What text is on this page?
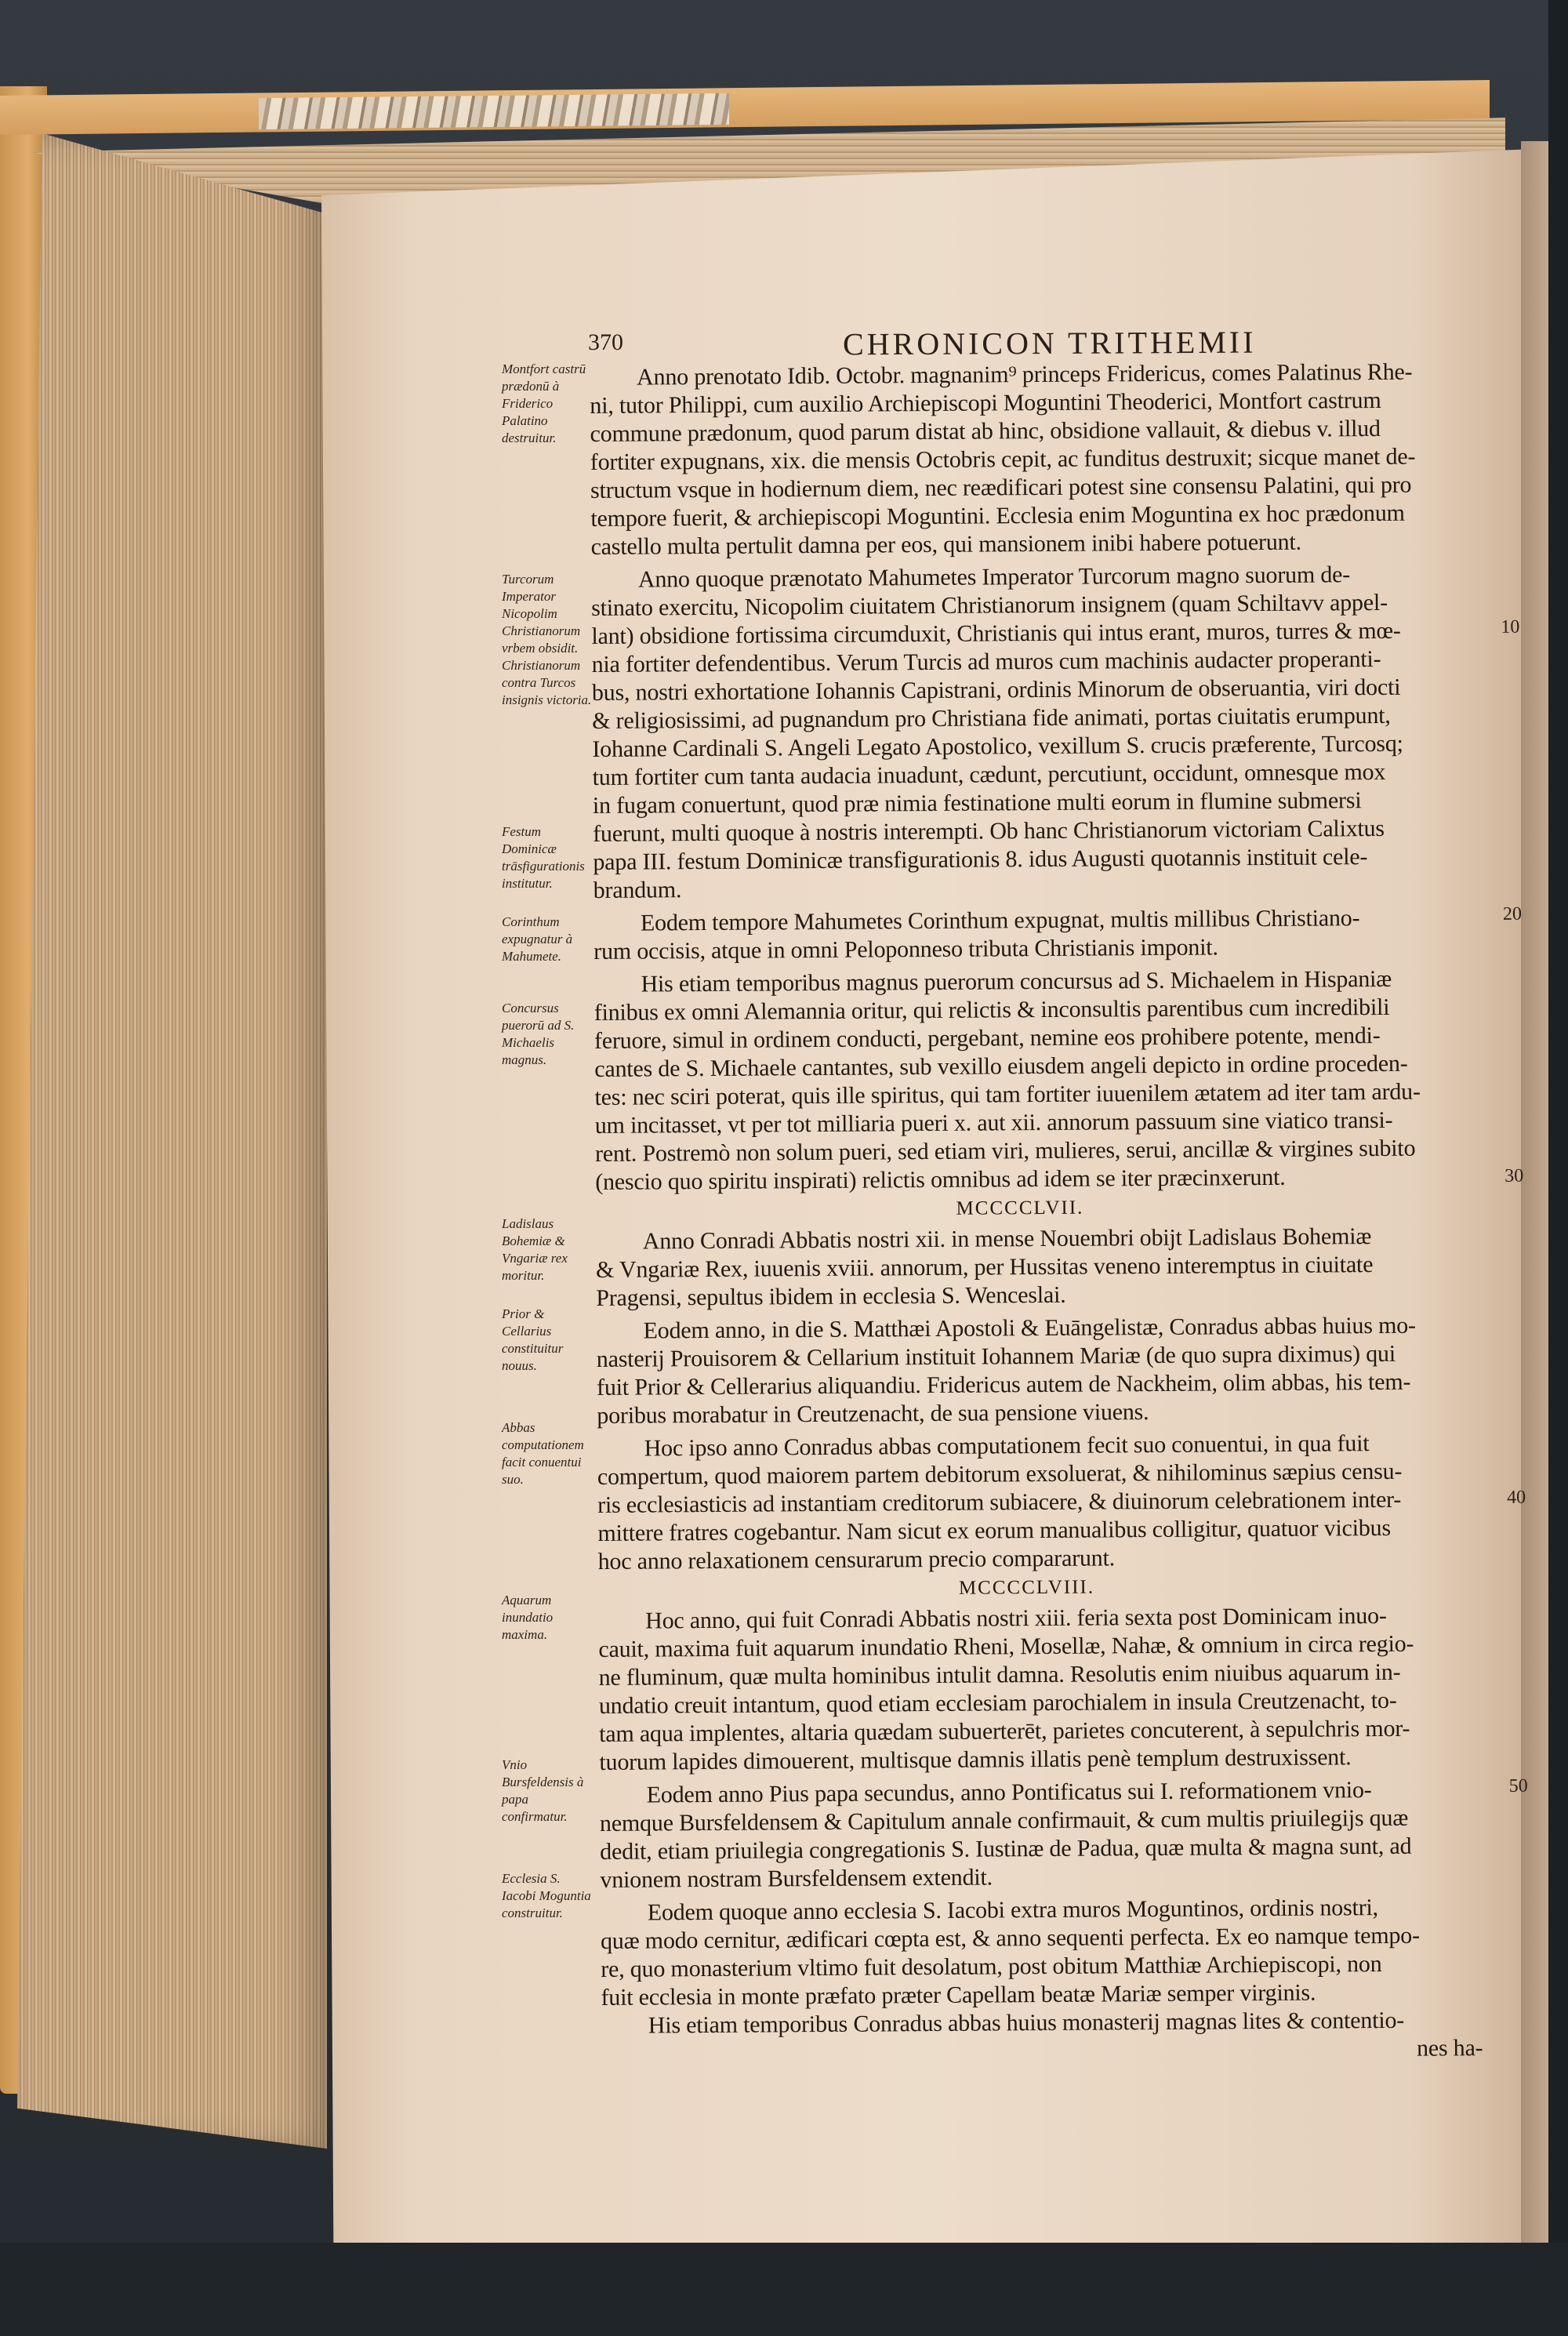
370	CHRONICON TRITHEMII
Montfort castrū prædonū à Friderico Palatino destruitur.
Turcorum Imperator Nicopolim Christianorum vrbem obsidit. Christianorum contra Turcos insignis victoria.
Festum Dominicæ trāsfigurationis institutur.
Corinthum expugnatur à Mahumete.
Concursus puerorū ad S. Michaelis magnus.
Ladislaus Bohemiæ & Vngariæ rex moritur.
Prior & Cellarius constituitur nouus.
Abbas computationem facit conuentui suo.
Aquarum inundatio maxima.
Vnio Bursfeldensis à papa confirmatur.
Ecclesia S. Iacobi Moguntia construitur.
Anno prenotato Idib. Octobr. magnanim⁹ princeps Fridericus, comes Palatinus Rhe-
ni, tutor Philippi, cum auxilio Archiepiscopi Moguntini Theoderici, Montfort castrum
commune prædonum, quod parum distat ab hinc, obsidione vallauit, & diebus v. illud
fortiter expugnans, xix. die mensis Octobris cepit, ac funditus destruxit; sicque manet de-
structum vsque in hodiernum diem, nec reædificari potest sine consensu Palatini, qui pro
tempore fuerit, & archiepiscopi Moguntini. Ecclesia enim Moguntina ex hoc prædonum
castello multa pertulit damna per eos, qui mansionem inibi habere potuerunt.
Anno quoque prænotato Mahumetes Imperator Turcorum magno suorum de-
stinato exercitu, Nicopolim ciuitatem Christianorum insignem (quam Schiltavv appel-
lant) obsidione fortissima circumduxit, Christianis qui intus erant, muros, turres & mœ-
nia fortiter defendentibus. Verum Turcis ad muros cum machinis audacter properanti-
bus, nostri exhortatione Iohannis Capistrani, ordinis Minorum de obseruantia, viri docti
& religiosissimi, ad pugnandum pro Christiana fide animati, portas ciuitatis erumpunt,
Iohanne Cardinali S. Angeli Legato Apostolico, vexillum S. crucis præferente, Turcosq;
tum fortiter cum tanta audacia inuadunt, cædunt, percutiunt, occidunt, omnesque mox
in fugam conuertunt, quod præ nimia festinatione multi eorum in flumine submersi
fuerunt, multi quoque à nostris interempti. Ob hanc Christianorum victoriam Calixtus
papa III. festum Dominicæ transfigurationis 8. idus Augusti quotannis instituit cele-
brandum.
Eodem tempore Mahumetes Corinthum expugnat, multis millibus Christiano-
rum occisis, atque in omni Peloponneso tributa Christianis imponit.
His etiam temporibus magnus puerorum concursus ad S. Michaelem in Hispaniæ
finibus ex omni Alemannia oritur, qui relictis & inconsultis parentibus cum incredibili
feruore, simul in ordinem conducti, pergebant, nemine eos prohibere potente, mendi-
cantes de S. Michaele cantantes, sub vexillo eiusdem angeli depicto in ordine proceden-
tes: nec sciri poterat, quis ille spiritus, qui tam fortiter iuuenilem ætatem ad iter tam ardu-
um incitasset, vt per tot milliaria pueri x. aut xii. annorum passuum sine viatico transi-
rent. Postremò non solum pueri, sed etiam viri, mulieres, serui, ancillæ & virgines subito
(nescio quo spiritu inspirati) relictis omnibus ad idem se iter præcinxerunt.
MCCCCLVII.
Anno Conradi Abbatis nostri xii. in mense Nouembri obijt Ladislaus Bohemiæ
& Vngariæ Rex, iuuenis xviii. annorum, per Hussitas veneno interemptus in ciuitate
Pragensi, sepultus ibidem in ecclesia S. Wenceslai.
Eodem anno, in die S. Matthæi Apostoli & Euāngelistæ, Conradus abbas huius mo-
nasterij Prouisorem & Cellarium instituit Iohannem Mariæ (de quo supra diximus) qui
fuit Prior & Cellerarius aliquandiu. Fridericus autem de Nackheim, olim abbas, his tem-
poribus morabatur in Creutzenacht, de sua pensione viuens.
Hoc ipso anno Conradus abbas computationem fecit suo conuentui, in qua fuit
compertum, quod maiorem partem debitorum exsoluerat, & nihilominus sæpius censu-
ris ecclesiasticis ad instantiam creditorum subiacere, & diuinorum celebrationem inter-
mittere fratres cogebantur. Nam sicut ex eorum manualibus colligitur, quatuor vicibus
hoc anno relaxationem censurarum precio compararunt.
MCCCCLVIII.
Hoc anno, qui fuit Conradi Abbatis nostri xiii. feria sexta post Dominicam inuo-
cauit, maxima fuit aquarum inundatio Rheni, Mosellæ, Nahæ, & omnium in circa regio-
ne fluminum, quæ multa hominibus intulit damna. Resolutis enim niuibus aquarum in-
undatio creuit intantum, quod etiam ecclesiam parochialem in insula Creutzenacht, to-
tam aqua implentes, altaria quædam subuerterēt, parietes concuterent, à sepulchris mor-
tuorum lapides dimouerent, multisque damnis illatis penè templum destruxissent.
Eodem anno Pius papa secundus, anno Pontificatus sui I. reformationem vnio-
nemque Bursfeldensem & Capitulum annale confirmauit, & cum multis priuilegijs quæ
dedit, etiam priuilegia congregationis S. Iustinæ de Padua, quæ multa & magna sunt, ad
vnionem nostram Bursfeldensem extendit.
Eodem quoque anno ecclesia S. Iacobi extra muros Moguntinos, ordinis nostri,
quæ modo cernitur, ædificari cœpta est, & anno sequenti perfecta. Ex eo namque tempo-
re, quo monasterium vltimo fuit desolatum, post obitum Matthiæ Archiepiscopi, non
fuit ecclesia in monte præfato præter Capellam beatæ Mariæ semper virginis.
His etiam temporibus Conradus abbas huius monasterij magnas lites & contentio-
nes ha-
10
20
30
40
50
